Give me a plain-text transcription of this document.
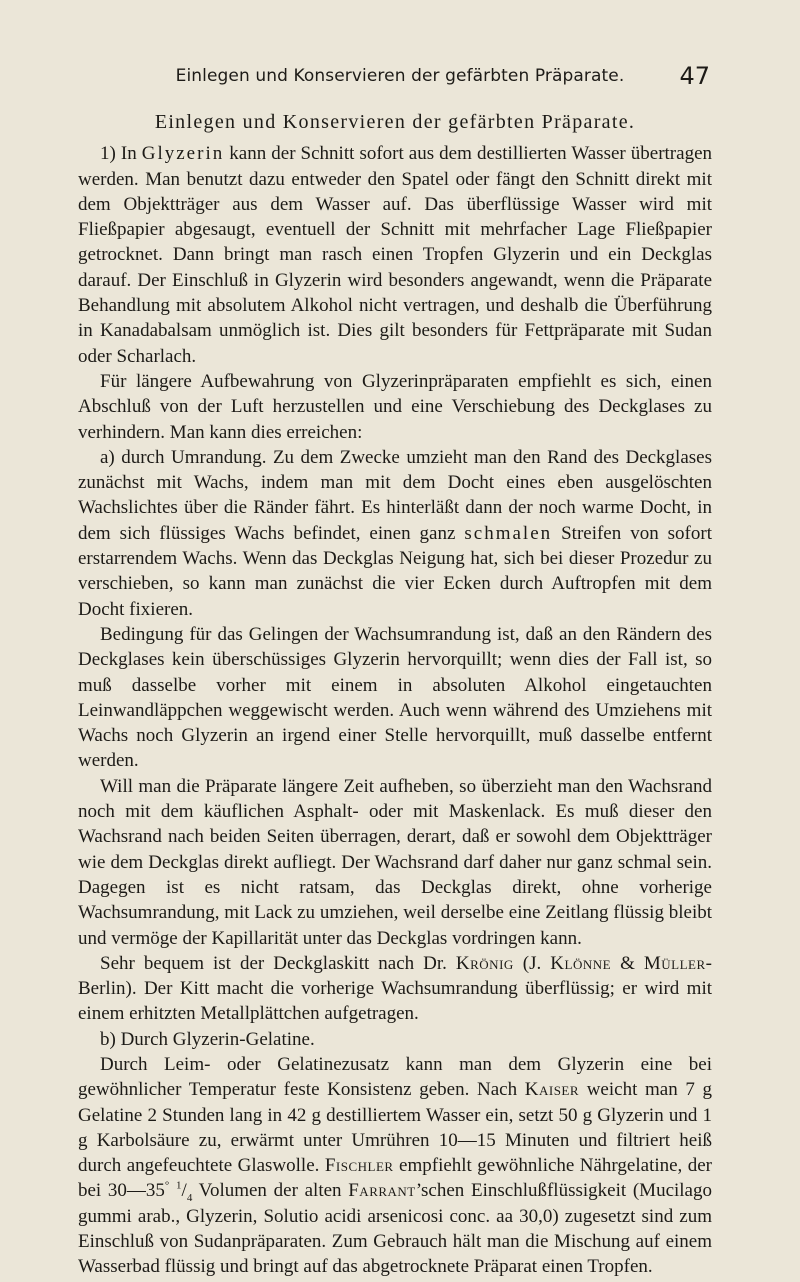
Einlegen und Konservieren der gefärbten Präparate.	47
Einlegen und Konservieren der gefärbten Präparate.

1) In Glyzerin kann der Schnitt sofort aus dem destillierten Wasser übertragen werden. Man benutzt dazu entweder den Spatel oder fängt den Schnitt direkt mit dem Objektträger aus dem Wasser auf. Das überflüssige Wasser wird mit Fließpapier abgesaugt, eventuell der Schnitt mit mehrfacher Lage Fließpapier getrocknet. Dann bringt man rasch einen Tropfen Glyzerin und ein Deckglas darauf. Der Einschluß in Glyzerin wird besonders angewandt, wenn die Präparate Behandlung mit absolutem Alkohol nicht vertragen, und deshalb die Überführung in Kanadabalsam unmöglich ist. Dies gilt besonders für Fettpräparate mit Sudan oder Scharlach.

Für längere Aufbewahrung von Glyzerinpräparaten empfiehlt es sich, einen Abschluß von der Luft herzustellen und eine Verschiebung des Deckglases zu verhindern. Man kann dies erreichen:

a) durch Umrandung. Zu dem Zwecke umzieht man den Rand des Deckglases zunächst mit Wachs, indem man mit dem Docht eines eben ausgelöschten Wachslichtes über die Ränder fährt. Es hinterläßt dann der noch warme Docht, in dem sich flüssiges Wachs befindet, einen ganz schmalen Streifen von sofort erstarrendem Wachs. Wenn das Deckglas Neigung hat, sich bei dieser Prozedur zu verschieben, so kann man zunächst die vier Ecken durch Auftropfen mit dem Docht fixieren.

Bedingung für das Gelingen der Wachsumrandung ist, daß an den Rändern des Deckglases kein überschüssiges Glyzerin hervorquillt; wenn dies der Fall ist, so muß dasselbe vorher mit einem in absoluten Alkohol eingetauchten Leinwandläppchen weggewischt werden. Auch wenn während des Umziehens mit Wachs noch Glyzerin an irgend einer Stelle hervorquillt, muß dasselbe entfernt werden.

Will man die Präparate längere Zeit aufheben, so überzieht man den Wachsrand noch mit dem käuflichen Asphalt- oder mit Maskenlack. Es muß dieser den Wachsrand nach beiden Seiten überragen, derart, daß er sowohl dem Objektträger wie dem Deckglas direkt aufliegt. Der Wachsrand darf daher nur ganz schmal sein. Dagegen ist es nicht ratsam, das Deckglas direkt, ohne vorherige Wachsumrandung, mit Lack zu umziehen, weil derselbe eine Zeitlang flüssig bleibt und vermöge der Kapillarität unter das Deckglas vordringen kann.

Sehr bequem ist der Deckglaskitt nach Dr. Krönig (J. Klönne & Müller-Berlin). Der Kitt macht die vorherige Wachsumrandung überflüssig; er wird mit einem erhitzten Metallplättchen aufgetragen.

b) Durch Glyzerin-Gelatine.

Durch Leim- oder Gelatinezusatz kann man dem Glyzerin eine bei gewöhnlicher Temperatur feste Konsistenz geben. Nach Kaiser weicht man 7 g Gelatine 2 Stunden lang in 42 g destilliertem Wasser ein, setzt 50 g Glyzerin und 1 g Karbolsäure zu, erwärmt unter Umrühren 10—15 Minuten und filtriert heiß durch angefeuchtete Glaswolle. Fischler empfiehlt gewöhnliche Nährgelatine, der bei 30—35° $^1/_4$ Volumen der alten Farrant’schen Einschlußflüssigkeit (Mucilago gummi arab., Glyzerin, Solutio acidi arsenicosi conc. aa 30,0) zugesetzt sind zum Einschluß von Sudanpräparaten. Zum Gebrauch hält man die Mischung auf einem Wasserbad flüssig und bringt auf das abgetrocknete Präparat einen Tropfen.
